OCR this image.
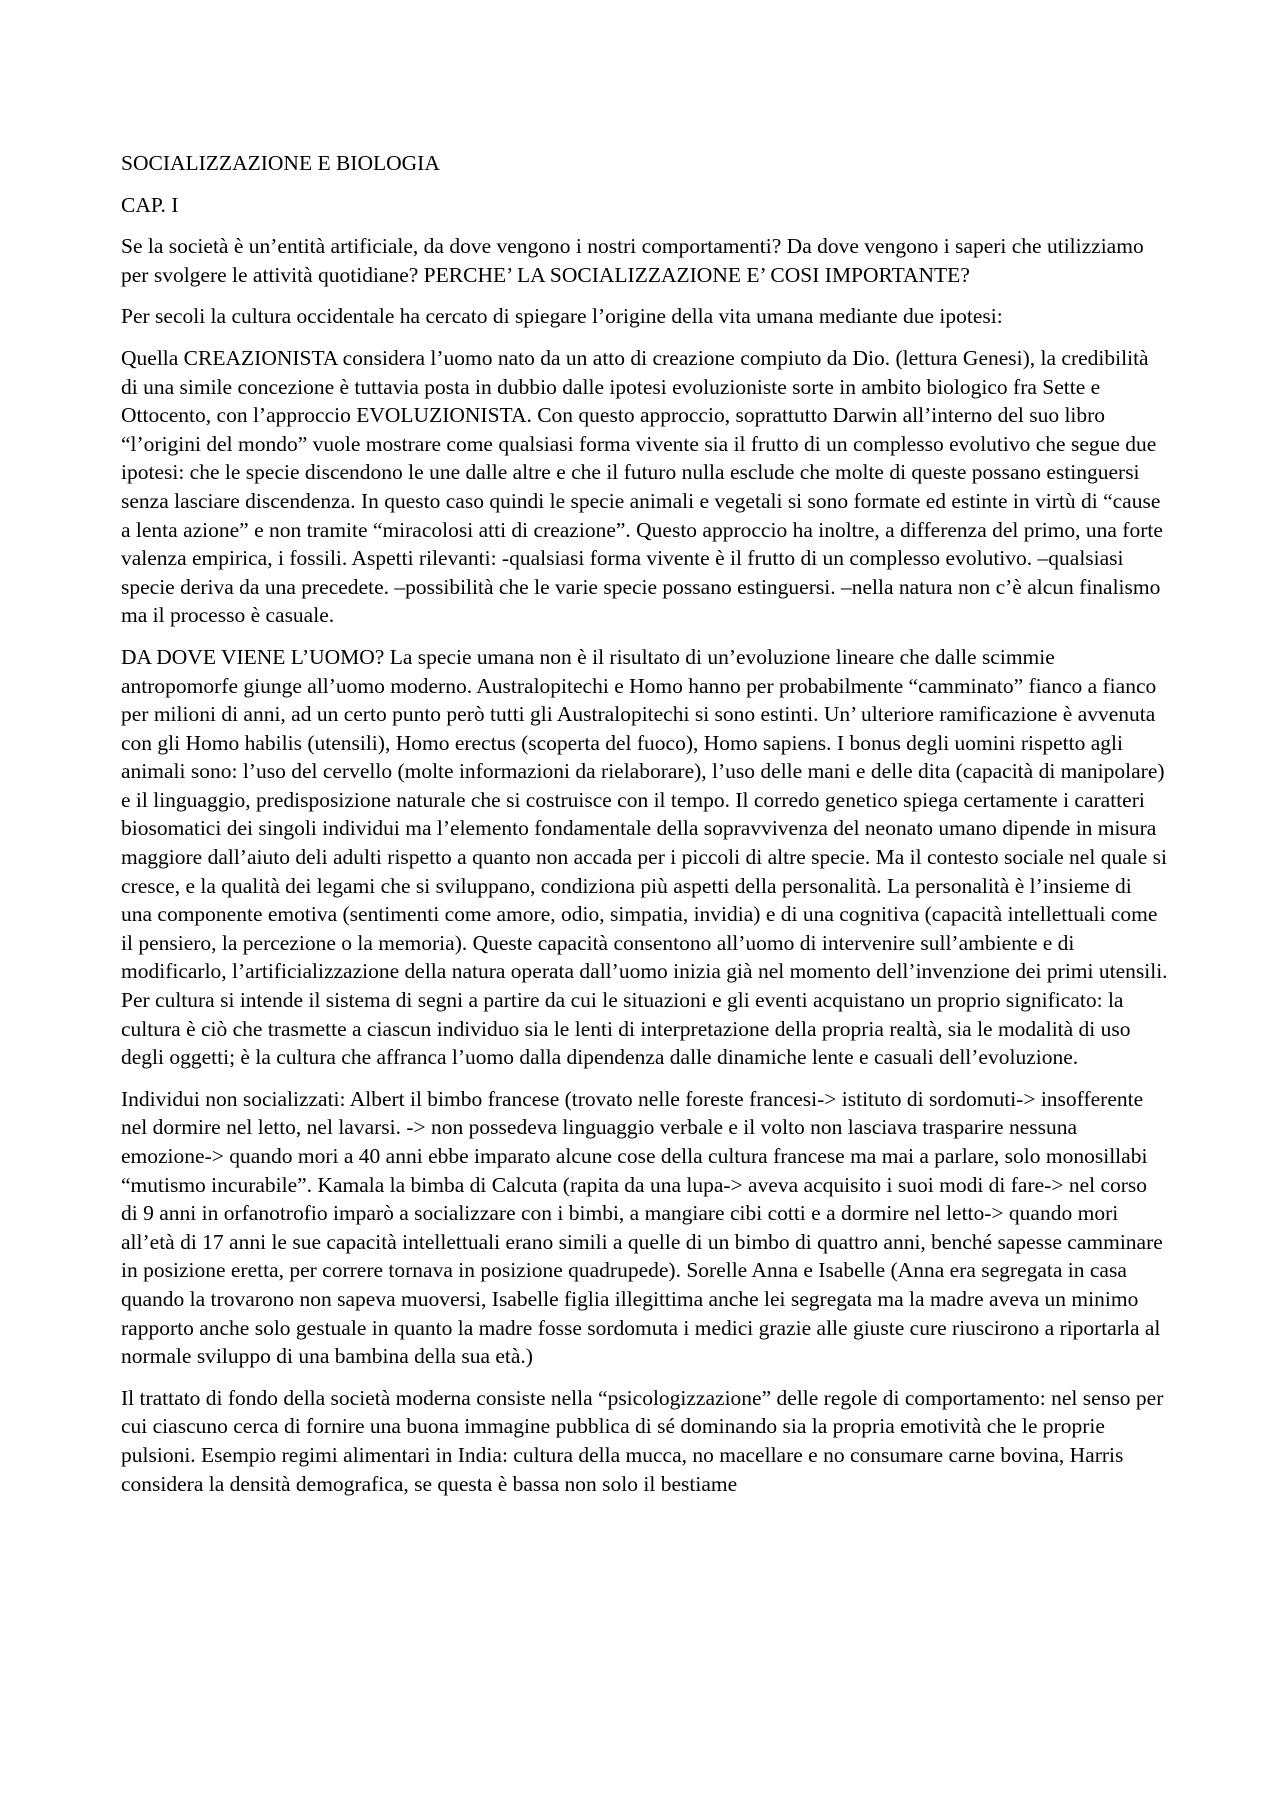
SOCIALIZZAZIONE E BIOLOGIA

CAP. I

Se la società è un’entità artificiale, da dove vengono i nostri comportamenti? Da dove vengono i saperi che utilizziamo per svolgere le attività quotidiane? PERCHE’ LA SOCIALIZZAZIONE E’ COSI IMPORTANTE?

Per secoli la cultura occidentale ha cercato di spiegare l’origine della vita umana mediante due ipotesi:

Quella CREAZIONISTA considera l’uomo nato da un atto di creazione compiuto da Dio. (lettura Genesi), la credibilità di una simile concezione è tuttavia posta in dubbio dalle ipotesi evoluzioniste sorte in ambito biologico fra Sette e Ottocento, con l’approccio EVOLUZIONISTA. Con questo approccio, soprattutto Darwin all’interno del suo libro “l’origini del mondo” vuole mostrare come qualsiasi forma vivente sia il frutto di un complesso evolutivo che segue due ipotesi: che le specie discendono le une dalle altre e che il futuro nulla esclude che molte di queste possano estinguersi senza lasciare discendenza. In questo caso quindi le specie animali e vegetali si sono formate ed estinte in virtù di “cause a lenta azione” e non tramite “miracolosi atti di creazione”. Questo approccio ha inoltre, a differenza del primo, una forte valenza empirica, i fossili. Aspetti rilevanti: -qualsiasi forma vivente è il frutto di un complesso evolutivo. –qualsiasi specie deriva da una precedete. –possibilità che le varie specie possano estinguersi. –nella natura non c’è alcun finalismo ma il processo è casuale.

DA DOVE VIENE L’UOMO? La specie umana non è il risultato di un’evoluzione lineare che dalle scimmie antropomorfe giunge all’uomo moderno. Australopitechi e Homo hanno per probabilmente “camminato” fianco a fianco per milioni di anni, ad un certo punto però tutti gli Australopitechi si sono estinti. Un’ ulteriore ramificazione è avvenuta con gli Homo habilis (utensili), Homo erectus (scoperta del fuoco), Homo sapiens. I bonus degli uomini rispetto agli animali sono: l’uso del cervello (molte informazioni da rielaborare), l’uso delle mani e delle dita (capacità di manipolare) e il linguaggio, predisposizione naturale che si costruisce con il tempo. Il corredo genetico spiega certamente i caratteri biosomatici dei singoli individui ma l’elemento fondamentale della sopravvivenza del neonato umano dipende in misura maggiore dall’aiuto deli adulti rispetto a quanto non accada per i piccoli di altre specie. Ma il contesto sociale nel quale si cresce, e la qualità dei legami che si sviluppano, condiziona più aspetti della personalità. La personalità è l’insieme di una componente emotiva (sentimenti come amore, odio, simpatia, invidia) e di una cognitiva (capacità intellettuali come il pensiero, la percezione o la memoria). Queste capacità consentono all’uomo di intervenire sull’ambiente e di modificarlo, l’artificializzazione della natura operata dall’uomo inizia già nel momento dell’invenzione dei primi utensili. Per cultura si intende il sistema di segni a partire da cui le situazioni e gli eventi acquistano un proprio significato: la cultura è ciò che trasmette a ciascun individuo sia le lenti di interpretazione della propria realtà, sia le modalità di uso degli oggetti; è la cultura che affranca l’uomo dalla dipendenza dalle dinamiche lente e casuali dell’evoluzione.

Individui non socializzati: Albert il bimbo francese (trovato nelle foreste francesi-> istituto di sordomuti-> insofferente nel dormire nel letto, nel lavarsi. -> non possedeva linguaggio verbale e il volto non lasciava trasparire nessuna emozione-> quando mori a 40 anni ebbe imparato alcune cose della cultura francese ma mai a parlare, solo monosillabi “mutismo incurabile”. Kamala la bimba di Calcuta (rapita da una lupa-> aveva acquisito i suoi modi di fare-> nel corso di 9 anni in orfanotrofio imparò a socializzare con i bimbi, a mangiare cibi cotti e a dormire nel letto-> quando mori all’età di 17 anni le sue capacità intellettuali erano simili a quelle di un bimbo di quattro anni, benché sapesse camminare in posizione eretta, per correre tornava in posizione quadrupede). Sorelle Anna e Isabelle (Anna era segregata in casa quando la trovarono non sapeva muoversi, Isabelle figlia illegittima anche lei segregata ma la madre aveva un minimo rapporto anche solo gestuale in quanto la madre fosse sordomuta i medici grazie alle giuste cure riuscirono a riportarla al normale sviluppo di una bambina della sua età.)

Il trattato di fondo della società moderna consiste nella “psicologizzazione” delle regole di comportamento: nel senso per cui ciascuno cerca di fornire una buona immagine pubblica di sé dominando sia la propria emotività che le proprie pulsioni. Esempio regimi alimentari in India: cultura della mucca, no macellare e no consumare carne bovina, Harris considera la densità demografica, se questa è bassa non solo il bestiame
